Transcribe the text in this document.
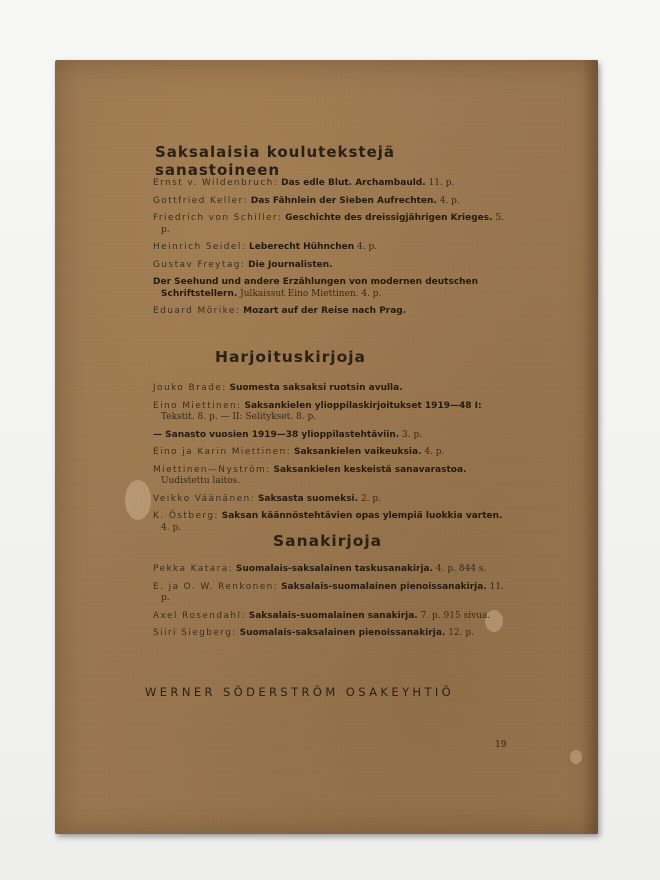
Saksalaisia koulutekstejä sanastoineen
Ernst v. Wildenbruch: Das edle Blut. Archambauld. 11. p.
Gottfried Keller: Das Fähnlein der Sieben Aufrechten. 4. p.
Friedrich von Schiller: Geschichte des dreissigjährigen Krieges. 5. p.
Heinrich Seidel: Leberecht Hühnchen 4. p.
Gustav Freytag: Die Journalisten.
Der Seehund und andere Erzählungen von modernen deutschen Schriftstellern. Julkaissut Eino Miettinen. 4. p.
Eduard Mörike: Mozart auf der Reise nach Prag.
Harjoituskirjoja
Jouko Brade: Suomesta saksaksi ruotsin avulla.
Eino Miettinen: Saksankielen ylioppilaskirjoitukset 1919—48 I: Tekstit. 8. p. — II: Selitykset. 8. p.
— Sanasto vuosien 1919—38 ylioppilastehtäviin. 3. p.
Eino ja Karin Miettinen: Saksankielen vaikeuksia. 4. p.
Miettinen—Nyström: Saksankielen keskeistä sanavarastoa. Uudistettu laitos.
Veikko Väänänen: Saksasta suomeksi. 2. p.
K. Östberg: Saksan käännöstehtävien opas ylempiä luokkia varten. 4. p.
Sanakirjoja
Pekka Katara: Suomalais-saksalainen taskusanakirja. 4. p. 844 s.
E. ja O. W. Renkonen: Saksalais-suomalainen pienoissanakirja. 11. p.
Axel Rosendahl: Saksalais-suomalainen sanakirja. 7. p. 915 sivua.
Siiri Siegberg: Suomalais-saksalainen pienoissanakirja. 12. p.
WERNER SÖDERSTRÖM OSAKEYHTIÖ
19
